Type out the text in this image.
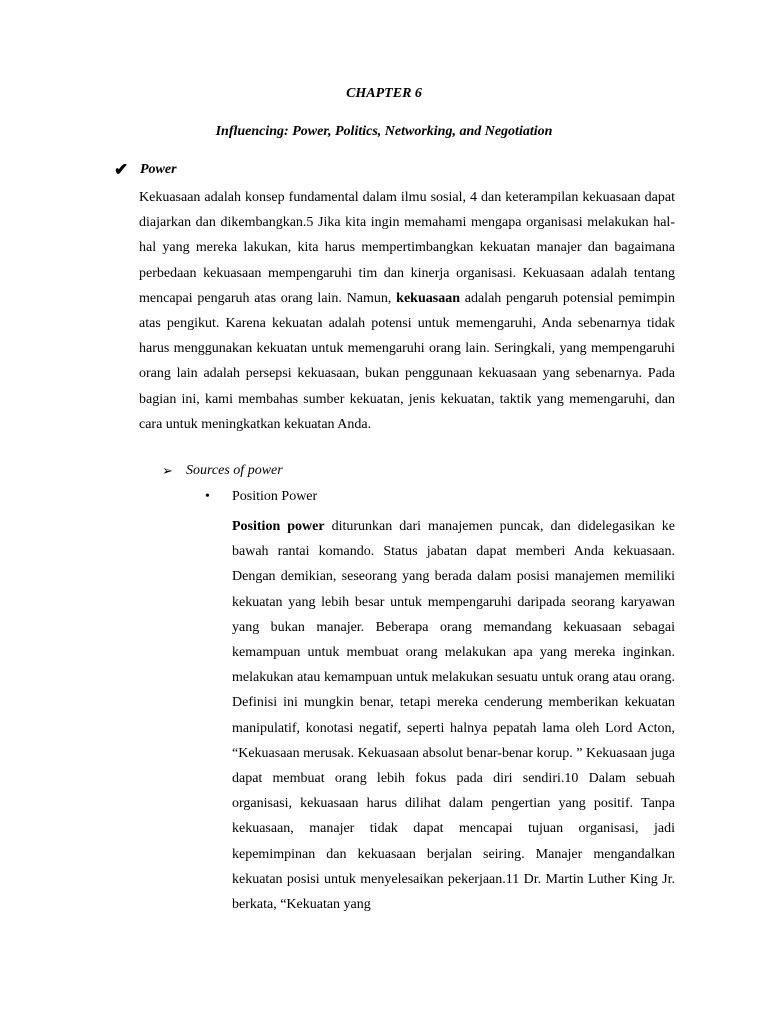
CHAPTER 6
Influencing: Power, Politics, Networking, and Negotiation
✔ Power
Kekuasaan adalah konsep fundamental dalam ilmu sosial, 4 dan keterampilan kekuasaan dapat diajarkan dan dikembangkan.5 Jika kita ingin memahami mengapa organisasi melakukan hal-hal yang mereka lakukan, kita harus mempertimbangkan kekuatan manajer dan bagaimana perbedaan kekuasaan mempengaruhi tim dan kinerja organisasi. Kekuasaan adalah tentang mencapai pengaruh atas orang lain. Namun, kekuasaan adalah pengaruh potensial pemimpin atas pengikut. Karena kekuatan adalah potensi untuk memengaruhi, Anda sebenarnya tidak harus menggunakan kekuatan untuk memengaruhi orang lain. Seringkali, yang mempengaruhi orang lain adalah persepsi kekuasaan, bukan penggunaan kekuasaan yang sebenarnya. Pada bagian ini, kami membahas sumber kekuatan, jenis kekuatan, taktik yang memengaruhi, dan cara untuk meningkatkan kekuatan Anda.
➢ Sources of power
•	Position Power
Position power diturunkan dari manajemen puncak, dan didelegasikan ke bawah rantai komando. Status jabatan dapat memberi Anda kekuasaan. Dengan demikian, seseorang yang berada dalam posisi manajemen memiliki kekuatan yang lebih besar untuk mempengaruhi daripada seorang karyawan yang bukan manajer. Beberapa orang memandang kekuasaan sebagai kemampuan untuk membuat orang melakukan apa yang mereka inginkan. melakukan atau kemampuan untuk melakukan sesuatu untuk orang atau orang. Definisi ini mungkin benar, tetapi mereka cenderung memberikan kekuatan manipulatif, konotasi negatif, seperti halnya pepatah lama oleh Lord Acton, “Kekuasaan merusak. Kekuasaan absolut benar-benar korup. ” Kekuasaan juga dapat membuat orang lebih fokus pada diri sendiri.10 Dalam sebuah organisasi, kekuasaan harus dilihat dalam pengertian yang positif. Tanpa kekuasaan, manajer tidak dapat mencapai tujuan organisasi, jadi kepemimpinan dan kekuasaan berjalan seiring. Manajer mengandalkan kekuatan posisi untuk menyelesaikan pekerjaan.11 Dr. Martin Luther King Jr. berkata, “Kekuatan yang
